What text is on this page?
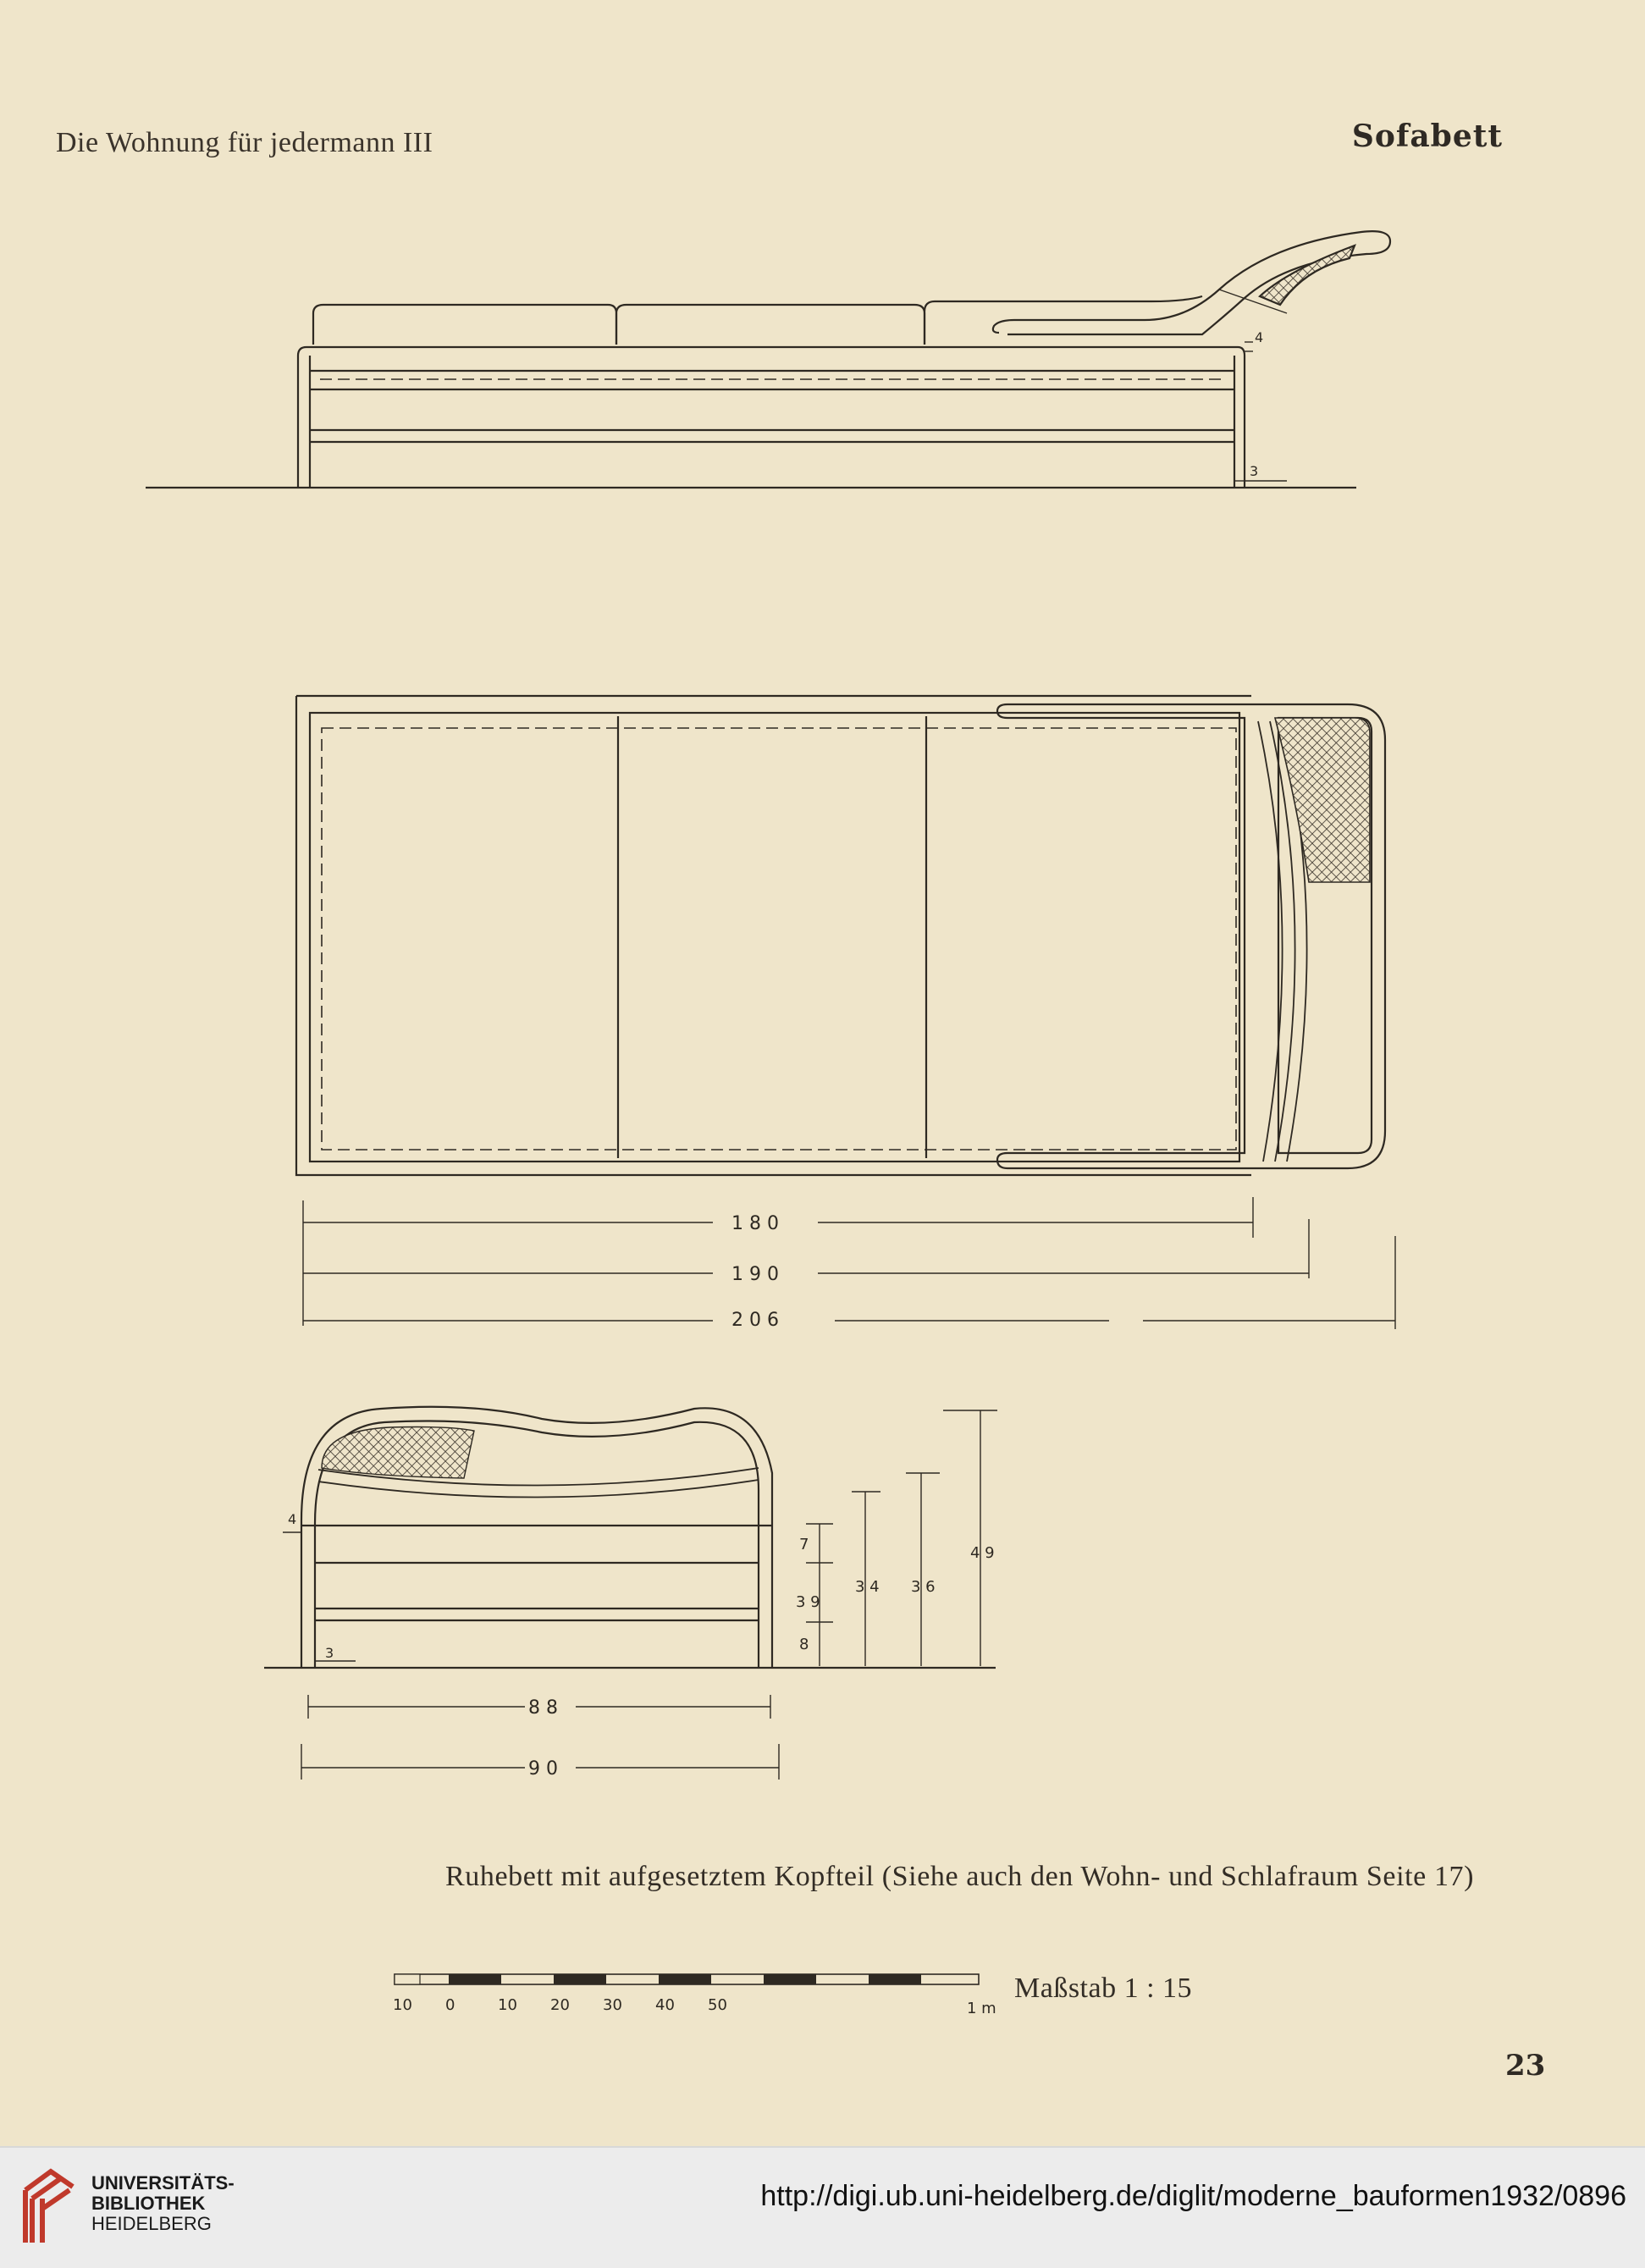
Die Wohnung für jedermann III	Sofabett
4
3
1 8 0
1 9 0
2 0 6
4
3
7
3 9
8
3 4 3 6
4 9
8 8
9 0
10 0	10 20 30 40 50	1 m
Ruhebett mit aufgesetztem Kopfteil (Siehe auch den Wohn- und Schlafraum Seite 17)
Maßstab 1 : 15
23
UNIVERSITÄTS-
BIBLIOTHEK
HEIDELBERG
http://digi.ub.uni-heidelberg.de/diglit/moderne_bauformen1932/0896
